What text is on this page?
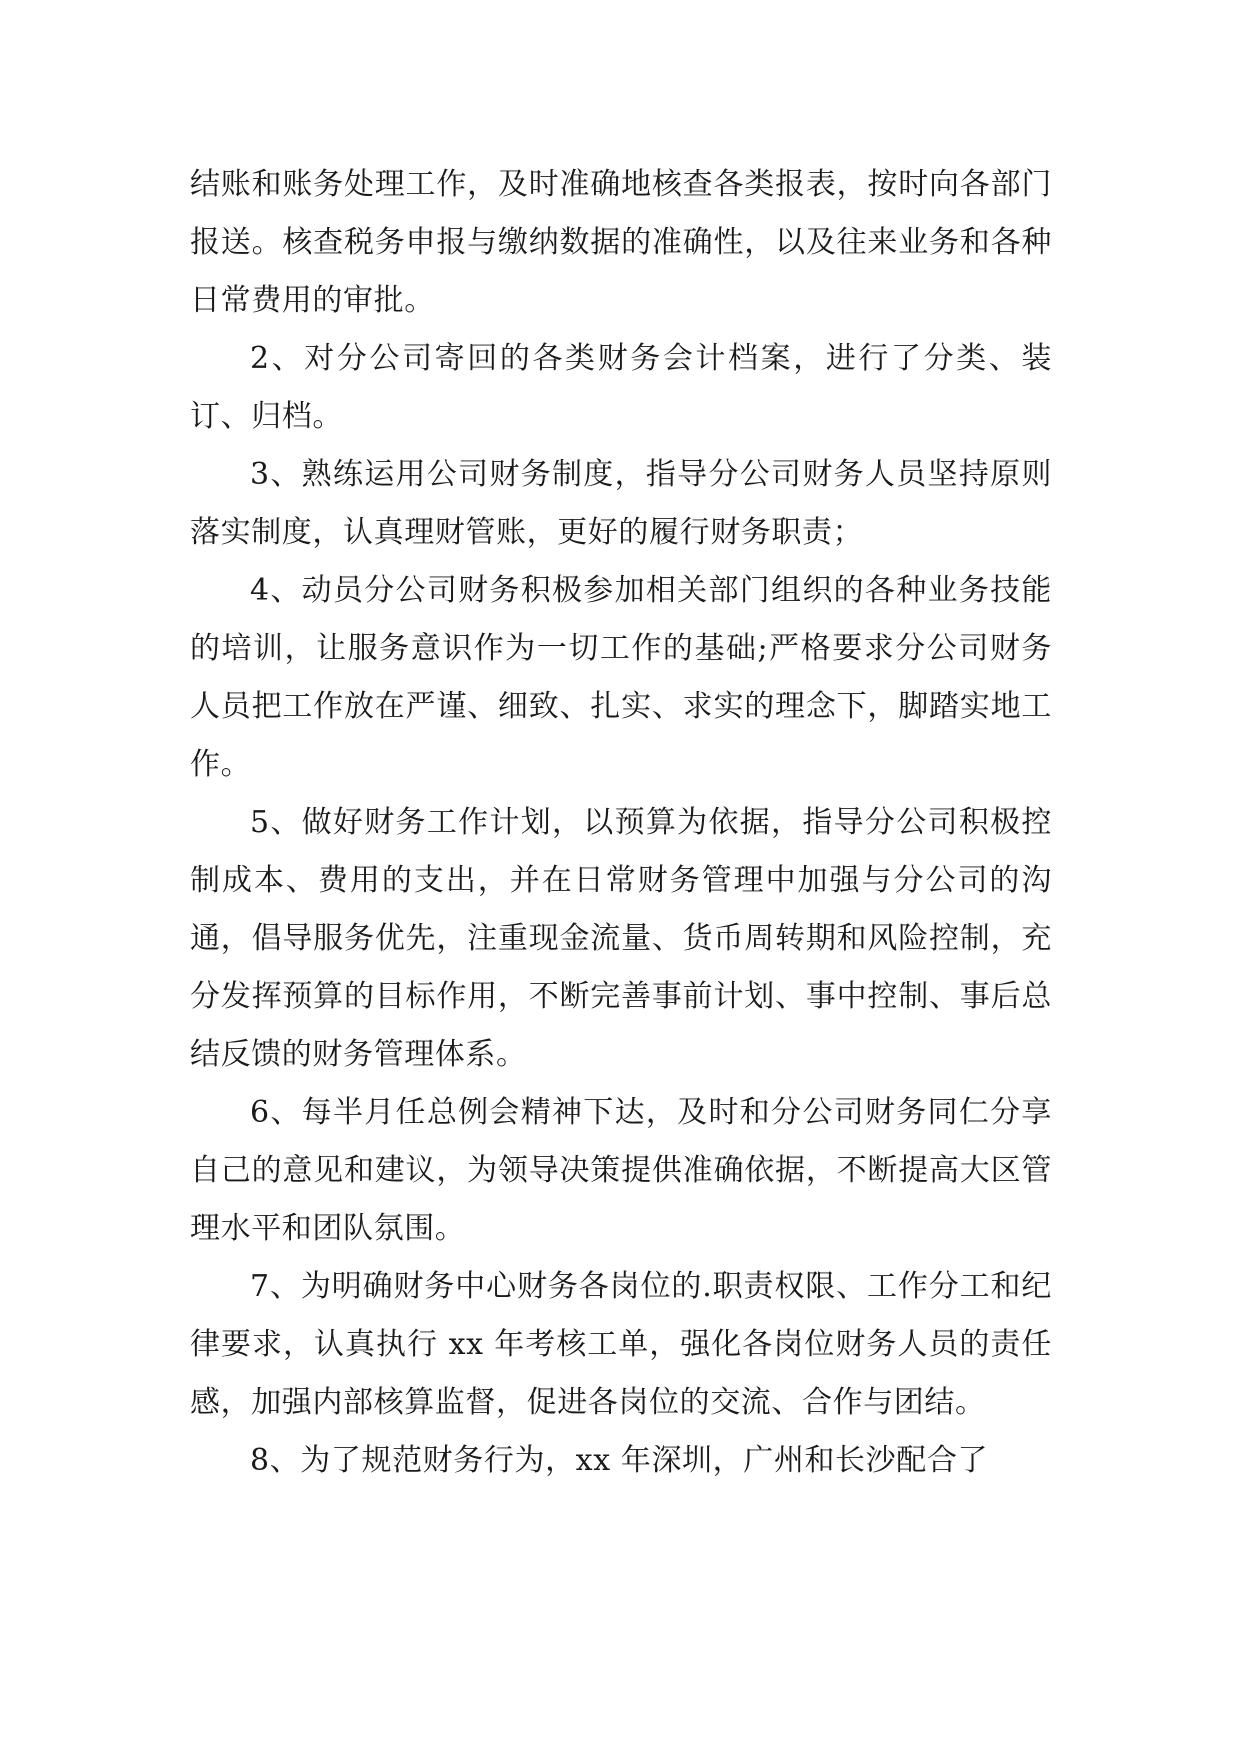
结账和账务处理工作，及时准确地核查各类报表，按时向各部门报送。核查税务申报与缴纳数据的准确性，以及往来业务和各种日常费用的审批。

2、对分公司寄回的各类财务会计档案，进行了分类、装订、归档。

3、熟练运用公司财务制度，指导分公司财务人员坚持原则落实制度，认真理财管账，更好的履行财务职责；

4、动员分公司财务积极参加相关部门组织的各种业务技能的培训，让服务意识作为一切工作的基础;严格要求分公司财务人员把工作放在严谨、细致、扎实、求实的理念下，脚踏实地工作。

5、做好财务工作计划，以预算为依据，指导分公司积极控制成本、费用的支出，并在日常财务管理中加强与分公司的沟通，倡导服务优先，注重现金流量、货币周转期和风险控制，充分发挥预算的目标作用，不断完善事前计划、事中控制、事后总结反馈的财务管理体系。

6、每半月任总例会精神下达，及时和分公司财务同仁分享自己的意见和建议，为领导决策提供准确依据，不断提高大区管理水平和团队氛围。

7、为明确财务中心财务各岗位的.职责权限、工作分工和纪律要求，认真执行 xx 年考核工单，强化各岗位财务人员的责任感，加强内部核算监督，促进各岗位的交流、合作与团结。

8、为了规范财务行为，xx 年深圳，广州和长沙配合了
